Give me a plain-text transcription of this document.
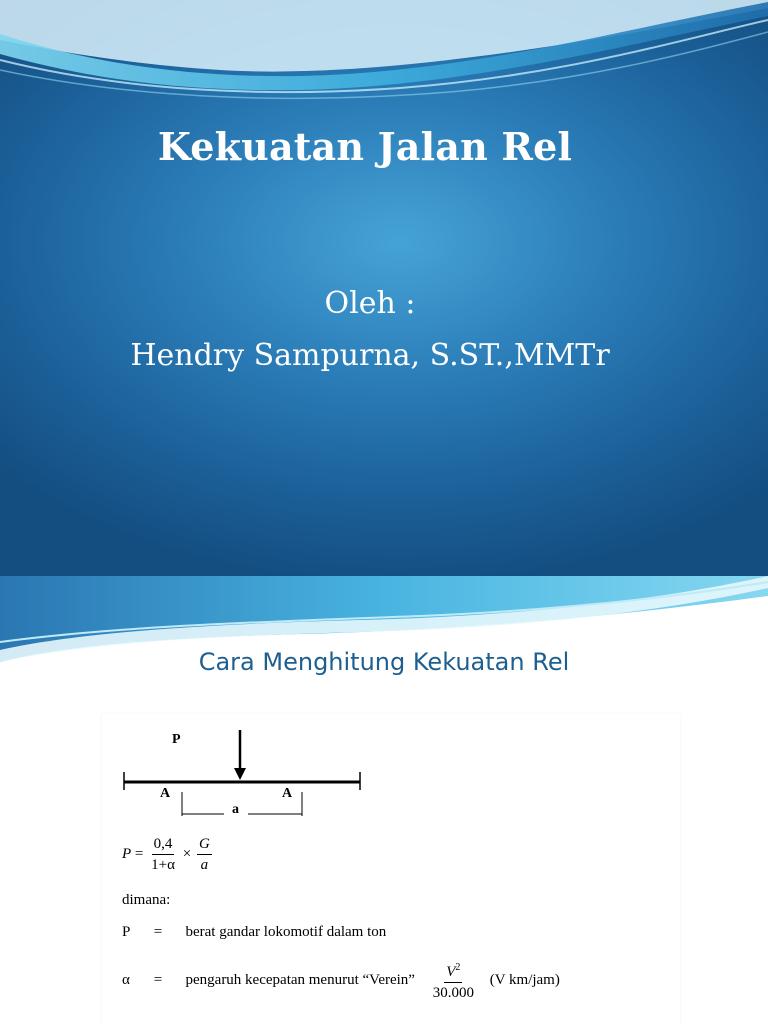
Kekuatan Jalan Rel
Oleh :
Hendry Sampurna, S.ST.,MMTr
Cara Menghitung Kekuatan Rel
P
A	A
a
$P = \frac{0,4}{1+\alpha} \times \frac{G}{a}$
dimana:
P = berat gandar lokomotif dalam ton
α = pengaruh kecepatan menurut “Verein” $\frac{V^2}{30.000} (V$ km/jam)
